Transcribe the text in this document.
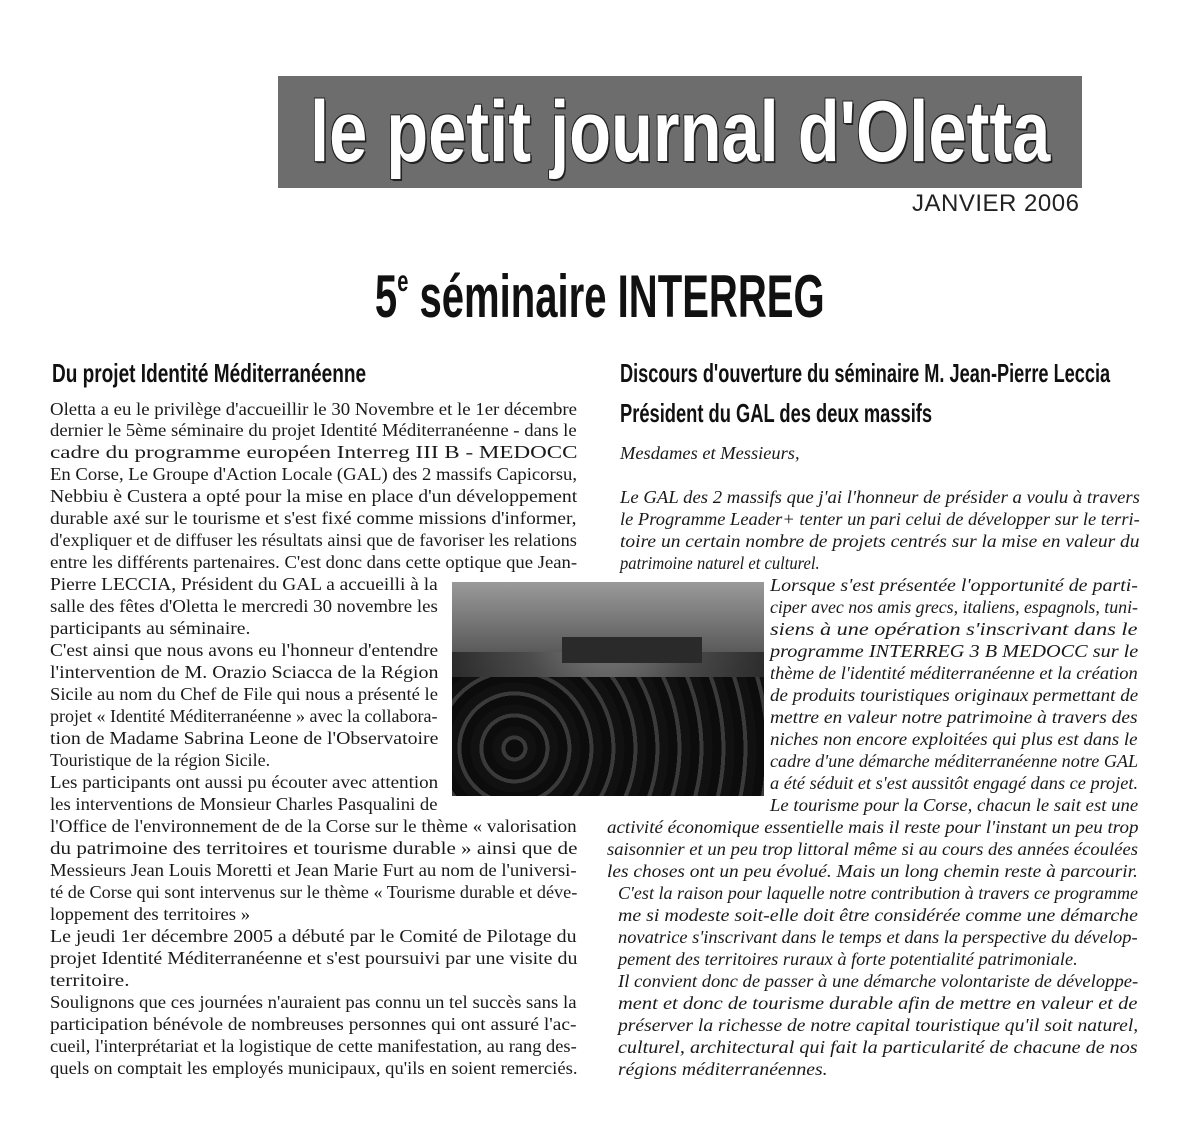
le petit journal d'Oletta
JANVIER 2006
5e séminaire INTERREG
Du projet Identité Méditerranéenne	Discours d'ouverture du séminaire M. Jean-Pierre Leccia
Président du GAL des deux massifs
Oletta a eu le privilège d'accueillir le 30 Novembre et le 1er décembre
dernier le 5ème séminaire du projet Identité Méditerranéenne - dans le
cadre du programme européen Interreg III B - MEDOCC
En Corse, Le Groupe d'Action Locale (GAL) des 2 massifs Capicorsu,
Nebbiu è Custera a opté pour la mise en place d'un développement
durable axé sur le tourisme et s'est fixé comme missions d'informer,
d'expliquer et de diffuser les résultats ainsi que de favoriser les relations
entre les différents partenaires. C'est donc dans cette optique que Jean-
Pierre LECCIA, Président du GAL a accueilli à la
salle des fêtes d'Oletta le mercredi 30 novembre les
participants au séminaire.
C'est ainsi que nous avons eu l'honneur d'entendre
l'intervention de M. Orazio Sciacca de la Région
Sicile au nom du Chef de File qui nous a présenté le
projet « Identité Méditerranéenne » avec la collabora-
tion de Madame Sabrina Leone de l'Observatoire
Touristique de la région Sicile.
Les participants ont aussi pu écouter avec attention
les interventions de Monsieur Charles Pasqualini de
l'Office de l'environnement de de la Corse sur le thème « valorisation
du patrimoine des territoires et tourisme durable » ainsi que de
Messieurs Jean Louis Moretti et Jean Marie Furt au nom de l'universi-
té de Corse qui sont intervenus sur le thème « Tourisme durable et déve-
loppement des territoires »
Le jeudi 1er décembre 2005 a débuté par le Comité de Pilotage du
projet Identité Méditerranéenne et s'est poursuivi par une visite du
territoire.
Soulignons que ces journées n'auraient pas connu un tel succès sans la
participation bénévole de nombreuses personnes qui ont assuré l'ac-
cueil, l'interprétariat et la logistique de cette manifestation, au rang des-
quels on comptait les employés municipaux, qu'ils en soient remerciés.
Mesdames et Messieurs,
Le GAL des 2 massifs que j'ai l'honneur de présider a voulu à travers
le Programme Leader+ tenter un pari celui de développer sur le terri-
toire un certain nombre de projets centrés sur la mise en valeur du
patrimoine naturel et culturel.
Lorsque s'est présentée l'opportunité de parti-
ciper avec nos amis grecs, italiens, espagnols, tuni-
siens à une opération s'inscrivant dans le
programme INTERREG 3 B MEDOCC sur le
thème de l'identité méditerranéenne et la création
de produits touristiques originaux permettant de
mettre en valeur notre patrimoine à travers des
niches non encore exploitées qui plus est dans le
cadre d'une démarche méditerranéenne notre GAL
a été séduit et s'est aussitôt engagé dans ce projet.
Le tourisme pour la Corse, chacun le sait est une
activité économique essentielle mais il reste pour l'instant un peu trop
saisonnier et un peu trop littoral même si au cours des années écoulées
les choses ont un peu évolué. Mais un long chemin reste à parcourir.
C'est la raison pour laquelle notre contribution à travers ce programme
me si modeste soit-elle doit être considérée comme une démarche
novatrice s'inscrivant dans le temps et dans la perspective du dévelop-
pement des territoires ruraux à forte potentialité patrimoniale.
Il convient donc de passer à une démarche volontariste de développe-
ment et donc de tourisme durable afin de mettre en valeur et de
préserver la richesse de notre capital touristique qu'il soit naturel,
culturel, architectural qui fait la particularité de chacune de nos
régions méditerranéennes.
